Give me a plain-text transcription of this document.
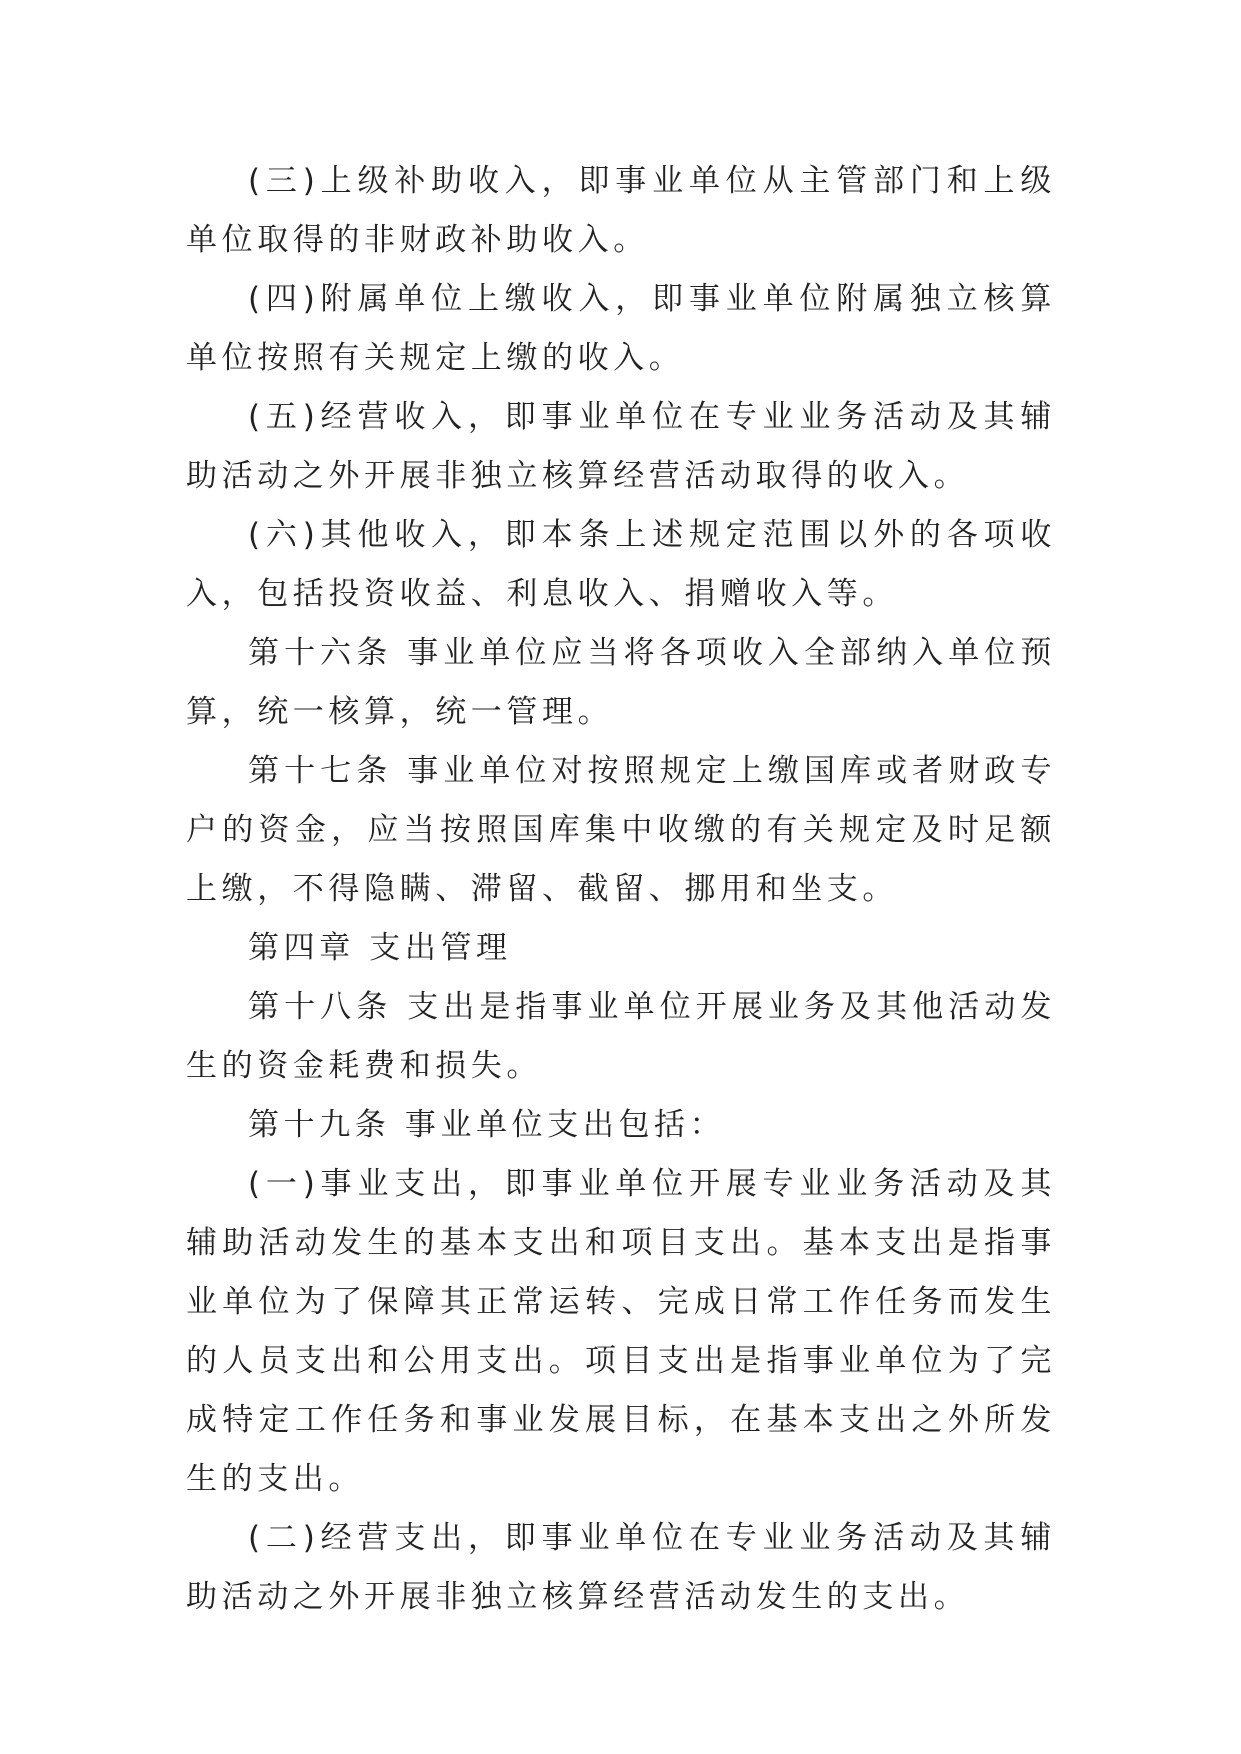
(三)上级补助收入，即事业单位从主管部门和上级单位取得的非财政补助收入。

(四)附属单位上缴收入，即事业单位附属独立核算单位按照有关规定上缴的收入。

(五)经营收入，即事业单位在专业业务活动及其辅助活动之外开展非独立核算经营活动取得的收入。

(六)其他收入，即本条上述规定范围以外的各项收入，包括投资收益、利息收入、捐赠收入等。

第十六条 事业单位应当将各项收入全部纳入单位预算，统一核算，统一管理。

第十七条 事业单位对按照规定上缴国库或者财政专户的资金，应当按照国库集中收缴的有关规定及时足额上缴，不得隐瞒、滞留、截留、挪用和坐支。

第四章 支出管理

第十八条 支出是指事业单位开展业务及其他活动发生的资金耗费和损失。

第十九条 事业单位支出包括：

(一)事业支出，即事业单位开展专业业务活动及其辅助活动发生的基本支出和项目支出。基本支出是指事业单位为了保障其正常运转、完成日常工作任务而发生的人员支出和公用支出。项目支出是指事业单位为了完成特定工作任务和事业发展目标，在基本支出之外所发生的支出。

(二)经营支出，即事业单位在专业业务活动及其辅助活动之外开展非独立核算经营活动发生的支出。
